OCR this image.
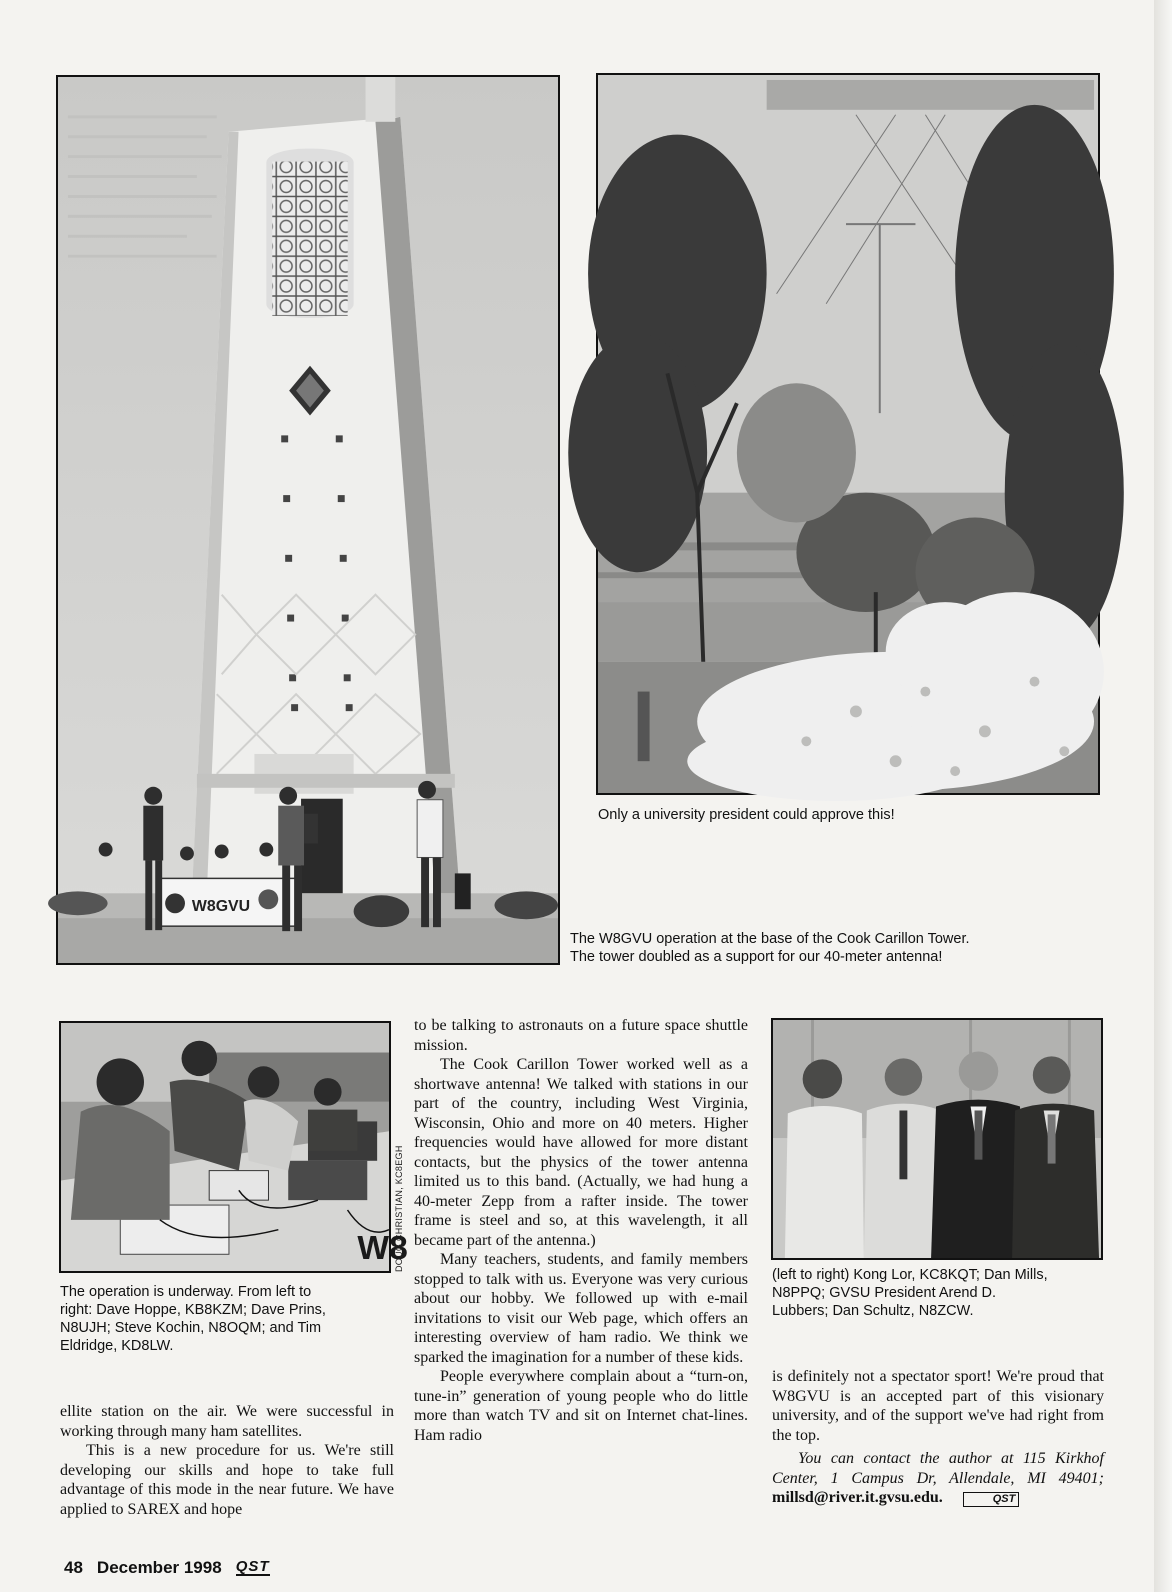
W8GVU
Only a university president could approve this!
The W8GVU operation at the base of the Cook Carillon Tower.
The tower doubled as a support for our 40-meter antenna!
W8
DOUG CHRISTIAN, KC8EGH
The operation is underway. From left to
right: Dave Hoppe, KB8KZM; Dave Prins,
N8UJH; Steve Kochin, N8OQM; and Tim
Eldridge, KD8LW.
(left to right) Kong Lor, KC8KQT; Dan Mills,
N8PPQ; GVSU President Arend D.
Lubbers; Dan Schultz, N8ZCW.

ellite station on the air. We were successful in working through many ham satellites.

This is a new procedure for us. We're still developing our skills and hope to take full advantage of this mode in the near future. We have applied to SAREX and hope

to be talking to astronauts on a future space shuttle mission.

The Cook Carillon Tower worked well as a shortwave antenna! We talked with stations in our part of the country, including West Virginia, Wisconsin, Ohio and more on 40 meters. Higher frequencies would have allowed for more distant contacts, but the physics of the tower antenna limited us to this band. (Actually, we had hung a 40-meter Zepp from a rafter inside. The tower frame is steel and so, at this wavelength, it all became part of the antenna.)

Many teachers, students, and family members stopped to talk with us. Everyone was very curious about our hobby. We followed up with e-mail invitations to visit our Web page, which offers an interesting overview of ham radio. We think we sparked the imagination for a number of these kids.

People everywhere complain about a “turn-on, tune-in” generation of young people who do little more than watch TV and sit on Internet chat-lines. Ham radio

is definitely not a spectator sport! We're proud that W8GVU is an accepted part of this visionary university, and of the support we've had right from the top.

You can contact the author at 115 Kirkhof Center, 1 Campus Dr, Allendale, MI 49401; millsd@river.it.gvsu.edu.	QST

48 December 1998 QST
